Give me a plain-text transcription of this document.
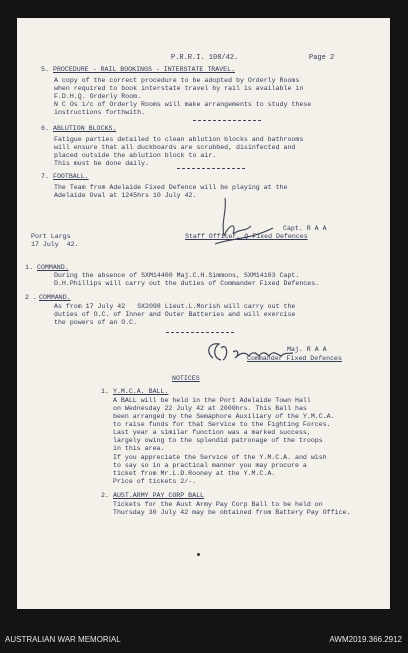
P.R.R.I. 108/42.	Page 2
5. PROCEDURE - RAIL BOOKINGS - INTERSTATE TRAVEL.
A copy of the correct procedure to be adopted by Orderly Rooms
when required to book interstate travel by rail is available in
F.D.H.Q. Orderly Room.
N C Os i/c of Orderly Rooms will make arrangements to study these
instructions forthwith.
6. ABLUTION BLOCKS.
Fatigue parties detailed to clean ablution blocks and bathrooms
will ensure that all duckboards are scrubbed, disinfected and
placed outside the ablution block to air.
This must be done daily.
7. FOOTBALL.
The Team from Adelaide Fixed Defence will be playing at the
Adelaide Oval at 1245hrs 10 July 42.
Port Largs
17 July  42.
Capt. R A A
Staff Officer, Q Fixed Defences
1. COMMAND.
During the absence of SXM14400 Maj.C.H.Simmons, SXM14103 Capt.
D.H.Phillips will carry out the duties of Commander Fixed Defences.
2 . COMMAND.
As from 17 July 42   SX2098 Lieut.L.Morish will carry out the
duties of O.C. of Inner and Outer Batteries and will exercise
the powers of an O.C.
Maj. R A A
Commander Fixed Defences
NOTICES
1. Y.M.C.A. BALL.
A BALL will be held in the Port Adelaide Town Hall
on Wednesday 22 July 42 at 2000hrs. This Ball has
been arranged by the Semaphore Auxiliary of the Y.M.C.A.
to raise funds for that Service to the Fighting Forces.
Last year a similar function was a marked success,
largely owing to the splendid patronage of the troops
in this area.
If you appreciate the Service of the Y.M.C.A. and wish
to say so in a practical manner you may procure a
ticket from Mr.L.D.Rooney at the Y.M.C.A.
Price of tickets 2/-.
2. AUST.ARMY PAY CORP BALL
Tickets for the Aust Army Pay Corp Ball to be held on
Thursday 30 July 42 may be obtained from Battery Pay Office.
AUSTRALIAN WAR MEMORIAL	AWM2019.366.2912
